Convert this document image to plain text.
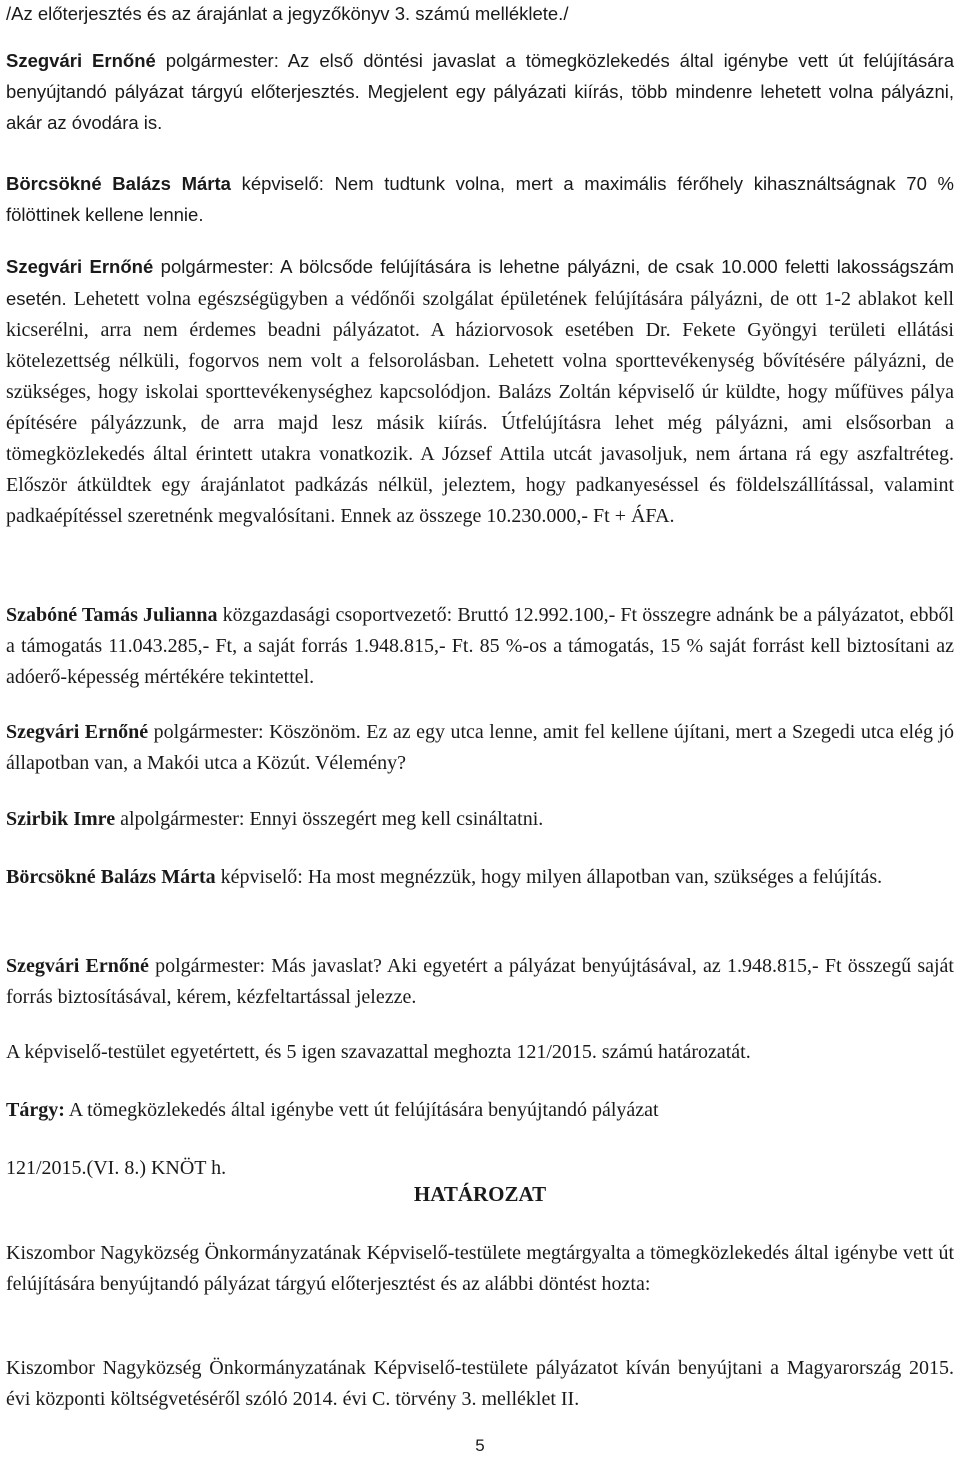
/Az előterjesztés és az árajánlat a jegyzőkönyv 3. számú melléklete./

Szegvári Ernőné polgármester: Az első döntési javaslat a tömegközlekedés által igénybe vett út felújítására benyújtandó pályázat tárgyú előterjesztés. Megjelent egy pályázati kiírás, több mindenre lehetett volna pályázni, akár az óvodára is.

Börcsökné Balázs Márta képviselő: Nem tudtunk volna, mert a maximális férőhely kihasználtságnak 70 % fölöttinek kellene lennie.

Szegvári Ernőné polgármester: A bölcsőde felújítására is lehetne pályázni, de csak 10.000 feletti lakosságszám esetén. Lehetett volna egészségügyben a védőnői szolgálat épületének felújítására pályázni, de ott 1-2 ablakot kell kicserélni, arra nem érdemes beadni pályázatot. A háziorvosok esetében Dr. Fekete Gyöngyi területi ellátási kötelezettség nélküli, fogorvos nem volt a felsorolásban. Lehetett volna sporttevékenység bővítésére pályázni, de szükséges, hogy iskolai sporttevékenységhez kapcsolódjon. Balázs Zoltán képviselő úr küldte, hogy műfüves pálya építésére pályázzunk, de arra majd lesz másik kiírás. Útfelújításra lehet még pályázni, ami elsősorban a tömegközlekedés által érintett utakra vonatkozik. A József Attila utcát javasoljuk, nem ártana rá egy aszfaltréteg. Először átküldtek egy árajánlatot padkázás nélkül, jeleztem, hogy padkanyeséssel és földelszállítással, valamint padkaépítéssel szeretnénk megvalósítani. Ennek az összege 10.230.000,- Ft + ÁFA.

Szabóné Tamás Julianna közgazdasági csoportvezető: Bruttó 12.992.100,- Ft összegre adnánk be a pályázatot, ebből a támogatás 11.043.285,- Ft, a saját forrás 1.948.815,- Ft. 85 %-os a támogatás, 15 % saját forrást kell biztosítani az adóerő-képesség mértékére tekintettel.

Szegvári Ernőné polgármester: Köszönöm. Ez az egy utca lenne, amit fel kellene újítani, mert a Szegedi utca elég jó állapotban van, a Makói utca a Közút. Vélemény?

Szirbik Imre alpolgármester: Ennyi összegért meg kell csináltatni.

Börcsökné Balázs Márta képviselő: Ha most megnézzük, hogy milyen állapotban van, szükséges a felújítás.

Szegvári Ernőné polgármester: Más javaslat? Aki egyetért a pályázat benyújtásával, az 1.948.815,- Ft összegű saját forrás biztosításával, kérem, kézfeltartással jelezze.

A képviselő-testület egyetértett, és 5 igen szavazattal meghozta 121/2015. számú határozatát.

Tárgy: A tömegközlekedés által igénybe vett út felújítására benyújtandó pályázat

121/2015.(VI. 8.) KNÖT h.

HATÁROZAT

Kiszombor Nagyközség Önkormányzatának Képviselő-testülete megtárgyalta a tömegközlekedés által igénybe vett út felújítására benyújtandó pályázat tárgyú előterjesztést és az alábbi döntést hozta:

Kiszombor Nagyközség Önkormányzatának Képviselő-testülete pályázatot kíván benyújtani a Magyarország 2015. évi központi költségvetéséről szóló 2014. évi C. törvény 3. melléklet II.

5
